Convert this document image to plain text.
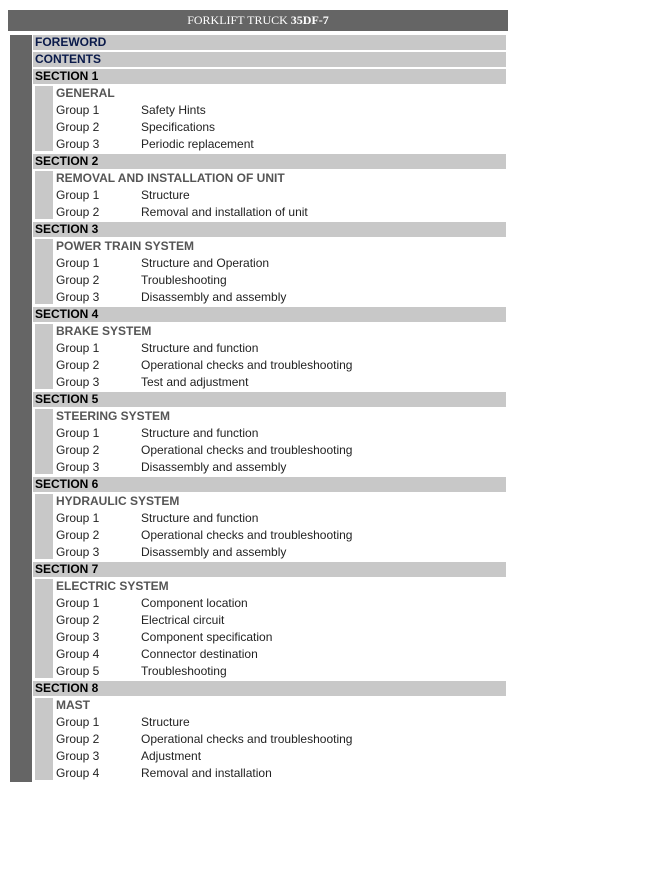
FORKLIFT TRUCK 35DF-7
FOREWORD
CONTENTS
SECTION 1
GENERAL
Group 1	Safety Hints
Group 2	Specifications
Group 3	Periodic replacement
SECTION 2
REMOVAL AND INSTALLATION OF UNIT
Group 1	Structure
Group 2	Removal and installation of unit
SECTION 3
POWER TRAIN SYSTEM
Group 1	Structure and Operation
Group 2	Troubleshooting
Group 3	Disassembly and assembly
SECTION 4
BRAKE SYSTEM
Group 1	Structure and function
Group 2	Operational checks and troubleshooting
Group 3	Test and adjustment
SECTION 5
STEERING SYSTEM
Group 1	Structure and function
Group 2	Operational checks and troubleshooting
Group 3	Disassembly and assembly
SECTION 6
HYDRAULIC SYSTEM
Group 1	Structure and function
Group 2	Operational checks and troubleshooting
Group 3	Disassembly and assembly
SECTION 7
ELECTRIC SYSTEM
Group 1	Component location
Group 2	Electrical circuit
Group 3	Component specification
Group 4	Connector destination
Group 5	Troubleshooting
SECTION 8
MAST
Group 1	Structure
Group 2	Operational checks and troubleshooting
Group 3	Adjustment
Group 4	Removal and installation
